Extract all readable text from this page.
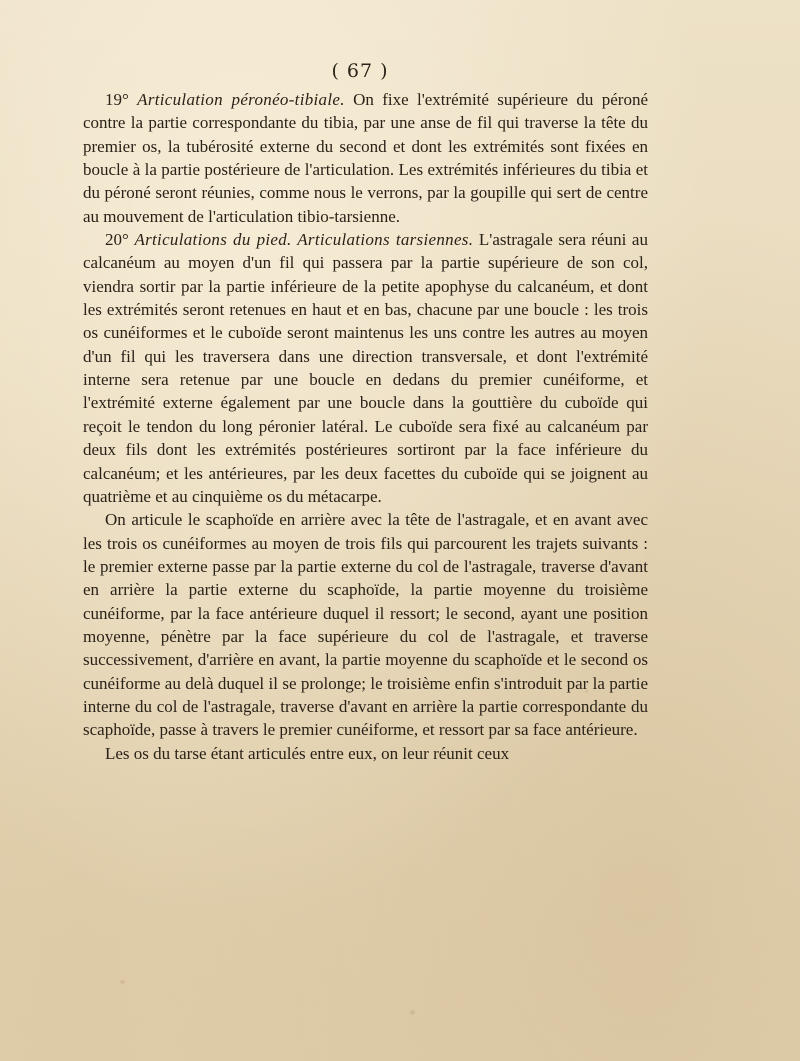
( 67 )

19° Articulation péronéo-tibiale. On fixe l'extrémité supérieure du péroné contre la partie correspondante du tibia, par une anse de fil qui traverse la tête du premier os, la tubérosité externe du second et dont les extrémités sont fixées en boucle à la partie postérieure de l'articulation. Les extrémités inférieures du tibia et du péroné seront réunies, comme nous le verrons, par la goupille qui sert de centre au mouvement de l'articulation tibio-tarsienne.

20° Articulations du pied. Articulations tarsiennes. L'astragale sera réuni au calcanéum au moyen d'un fil qui passera par la partie supérieure de son col, viendra sortir par la partie inférieure de la petite apophyse du calcanéum, et dont les extrémités seront retenues en haut et en bas, chacune par une boucle : les trois os cunéiformes et le cuboïde seront maintenus les uns contre les autres au moyen d'un fil qui les traversera dans une direction transversale, et dont l'extrémité interne sera retenue par une boucle en dedans du premier cunéiforme, et l'extrémité externe également par une boucle dans la gouttière du cuboïde qui reçoit le tendon du long péronier latéral. Le cuboïde sera fixé au calcanéum par deux fils dont les extrémités postérieures sortiront par la face inférieure du calcanéum; et les antérieures, par les deux facettes du cuboïde qui se joignent au quatrième et au cinquième os du métacarpe.

On articule le scaphoïde en arrière avec la tête de l'astragale, et en avant avec les trois os cunéiformes au moyen de trois fils qui parcourent les trajets suivants : le premier externe passe par la partie externe du col de l'astragale, traverse d'avant en arrière la partie externe du scaphoïde, la partie moyenne du troisième cunéiforme, par la face antérieure duquel il ressort; le second, ayant une position moyenne, pénètre par la face supérieure du col de l'astragale, et traverse successivement, d'arrière en avant, la partie moyenne du scaphoïde et le second os cunéiforme au delà duquel il se prolonge; le troisième enfin s'introduit par la partie interne du col de l'astragale, traverse d'avant en arrière la partie correspondante du scaphoïde, passe à travers le premier cunéiforme, et ressort par sa face antérieure.

Les os du tarse étant articulés entre eux, on leur réunit ceux
